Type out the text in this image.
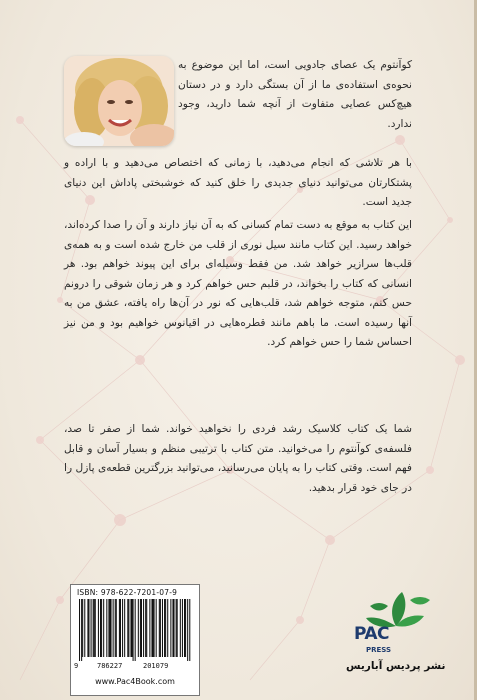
کوآنتوم یک عصای جادویی است، اما این موضوع به نحوه‌ی استفاده‌ی ما از آن بستگی دارد و در دستان هیچ‌کس عصایی متفاوت از آنچه شما دارید، وجود ندارد.
با هر تلاشی که انجام می‌دهید، با زمانی که اختصاص می‌دهید و با اراده و پشتکارتان می‌توانید دنیای جدیدی را خلق کنید که خوشبختی پاداش این دنیای جدید است.
این کتاب به موقع به دست تمام کسانی که به آن نیاز دارند و آن را صدا کرده‌اند، خواهد رسید. این کتاب مانند سیل نوری از قلب من خارج شده است و به همه‌ی قلب‌ها سرازیر خواهد شد. من فقط وسیله‌ای برای این پیوند خواهم بود. هر انسانی که کتاب را بخواند، در قلبم حس خواهم کرد و هر زمان شوقی را درونم حس کنم، متوجه خواهم شد، قلب‌هایی که نور در آن‌ها راه یافته، عشق من به آنها رسیده است. ما باهم مانند قطره‌هایی در اقیانوس خواهیم بود و من نیز احساس شما را حس خواهم کرد.
شما یک کتاب کلاسیک رشد فردی را نخواهید خواند. شما از صفر تا صد، فلسفه‌ی کوآنتوم را می‌خوانید. متن کتاب با ترتیبی منظم و بسیار آسان و قابل فهم است. وقتی کتاب را به پایان می‌رسانید، می‌توانید بزرگترین قطعه‌ی پازل را در جای خود قرار بدهید.
ISBN: 978-622-7201-07-9
9	786227	201079
www.Pac4Book.com
PAC
PRESS
نشر پردیس آباریس
